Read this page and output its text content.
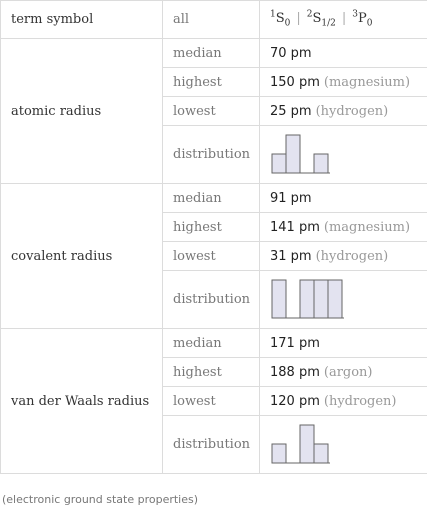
term symbol	all	$^1S_0$ | $^2S_{1/2}$ | $^3P_0$
atomic radius	median	70 pm
	highest	150 pm (magnesium)
	lowest	25 pm (hydrogen)
	distribution	

covalent radius	median	91 pm
	highest	141 pm (magnesium)
	lowest	31 pm (hydrogen)
	distribution	

van der Waals radius	median	171 pm
	highest	188 pm (argon)
	lowest	120 pm (hydrogen)
	distribution	
(electronic ground state properties)
